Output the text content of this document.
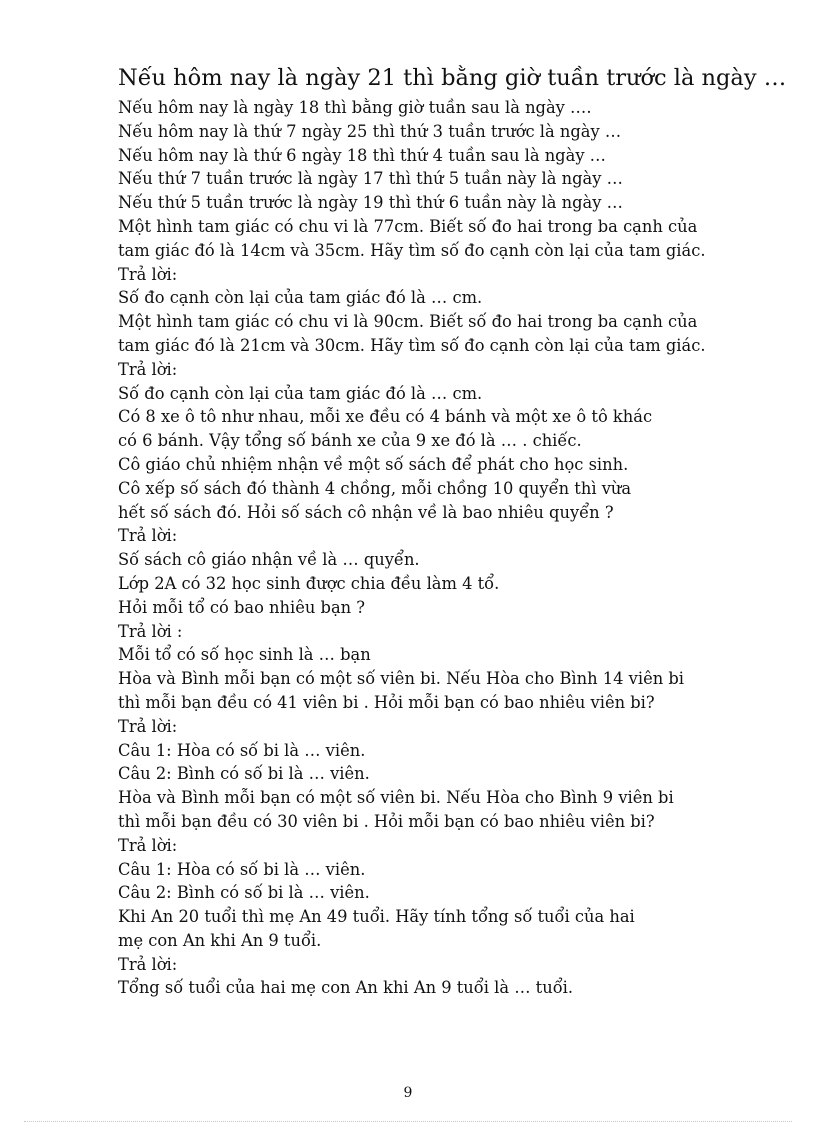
Nếu hôm nay là ngày 21 thì bằng giờ tuần trước là ngày …
Nếu hôm nay là ngày 18 thì bằng giờ tuần sau là ngày ….
Nếu hôm nay là thứ 7 ngày 25 thì thứ 3 tuần trước là ngày …
Nếu hôm nay là thứ 6 ngày 18 thì thứ 4 tuần sau là ngày …
Nếu thứ 7 tuần trước là ngày 17 thì thứ 5 tuần này là ngày …
Nếu thứ 5 tuần trước là ngày 19 thì thứ 6 tuần này là ngày …
Một hình tam giác có chu vi là 77cm. Biết số đo hai trong ba cạnh của
tam giác đó là 14cm và 35cm. Hãy tìm số đo cạnh còn lại của tam giác.
Trả lời:
Số đo cạnh còn lại của tam giác đó là … cm.
Một hình tam giác có chu vi là 90cm. Biết số đo hai trong ba cạnh của
tam giác đó là 21cm và 30cm. Hãy tìm số đo cạnh còn lại của tam giác.
Trả lời:
Số đo cạnh còn lại của tam giác đó là … cm.
Có 8 xe ô tô như nhau, mỗi xe đều có 4 bánh và một xe ô tô khác
có 6 bánh. Vậy tổng số bánh xe của 9 xe đó là … . chiếc.
Cô giáo chủ nhiệm nhận về một số sách để phát cho học sinh.
Cô xếp số sách đó thành 4 chồng, mỗi chồng 10 quyển thì vừa
hết số sách đó. Hỏi số sách cô nhận về là bao nhiêu quyển ?
Trả lời:
Số sách cô giáo nhận về là … quyển.
Lớp 2A có 32 học sinh được chia đều làm 4 tổ.
Hỏi mỗi tổ có bao nhiêu bạn ?
Trả lời :
Mỗi tổ có số học sinh là … bạn
Hòa và Bình mỗi bạn có một số viên bi. Nếu Hòa cho Bình 14 viên bi
thì mỗi bạn đều có 41 viên bi . Hỏi mỗi bạn có bao nhiêu viên bi?
Trả lời:
Câu 1: Hòa có số bi là … viên.
Câu 2: Bình có số bi là … viên.
Hòa và Bình mỗi bạn có một số viên bi. Nếu Hòa cho Bình 9 viên bi
thì mỗi bạn đều có 30 viên bi . Hỏi mỗi bạn có bao nhiêu viên bi?
Trả lời:
Câu 1: Hòa có số bi là … viên.
Câu 2: Bình có số bi là … viên.
Khi An 20 tuổi thì mẹ An 49 tuổi. Hãy tính tổng số tuổi của hai
mẹ con An khi An 9 tuổi.
Trả lời:
Tổng số tuổi của hai mẹ con An khi An 9 tuổi là … tuổi.
9
